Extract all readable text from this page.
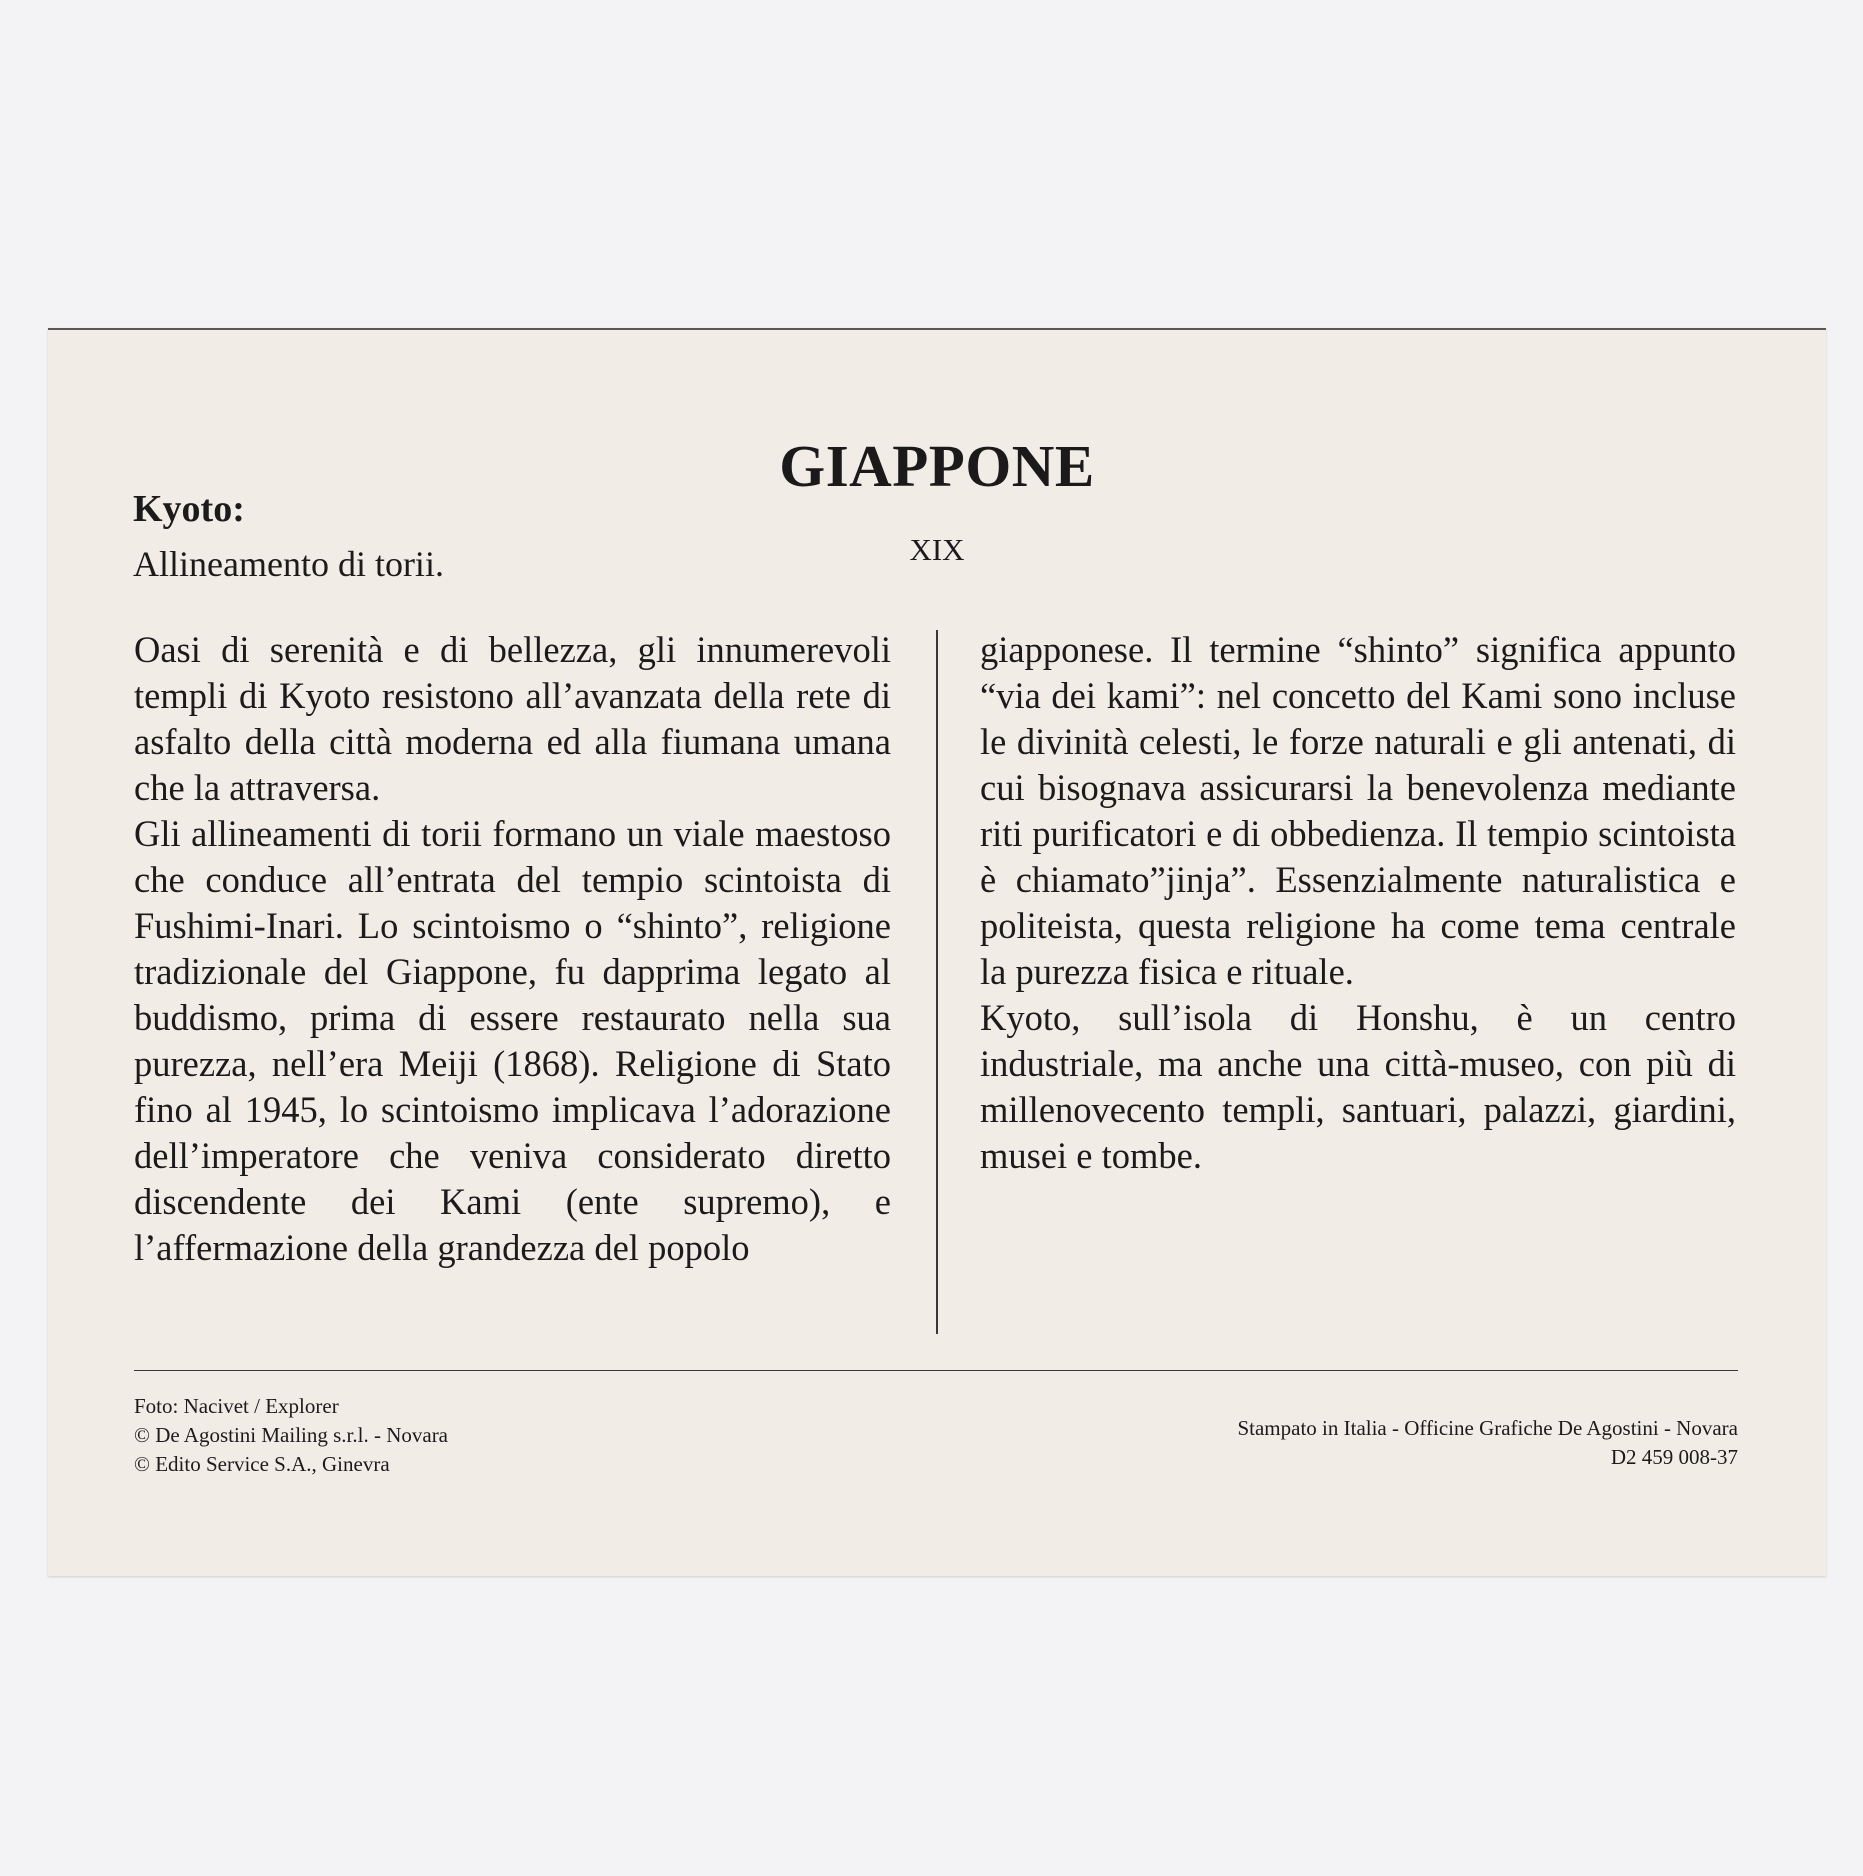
GIAPPONE
XIX
Kyoto:
Allineamento di torii.

Oasi di serenità e di bellezza, gli innumerevoli templi di Kyoto resistono all’avanzata della rete di asfalto della città moderna ed alla fiumana umana che la attraversa.

Gli allineamenti di torii formano un viale maestoso che conduce all’entrata del tempio scintoista di Fushimi-Inari. Lo scintoismo o “shinto”, religione tradizionale del Giappone, fu dapprima legato al buddismo, prima di essere restaurato nella sua purezza, nell’era Meiji (1868). Religione di Stato fino al 1945, lo scintoismo implicava l’adorazione dell’imperatore che veniva considerato diretto discendente dei Kami (ente supremo), e l’affermazione della grandezza del popolo

giapponese. Il termine “shinto” significa appunto “via dei kami”: nel concetto del Kami sono incluse le divinità celesti, le forze naturali e gli antenati, di cui bisognava assicurarsi la benevolenza mediante riti purificatori e di obbedienza. Il tempio scintoista è chiamato”jinja”. Essenzialmente naturalistica e politeista, questa religione ha come tema centrale la purezza fisica e rituale.

Kyoto, sull’isola di Honshu, è un centro industriale, ma anche una città-museo, con più di millenovecento templi, santuari, palazzi, giardini, musei e tombe.

Foto: Nacivet / Explorer
© De Agostini Mailing s.r.l. - Novara
© Edito Service S.A., Ginevra
Stampato in Italia - Officine Grafiche De Agostini - Novara
D2 459 008-37
